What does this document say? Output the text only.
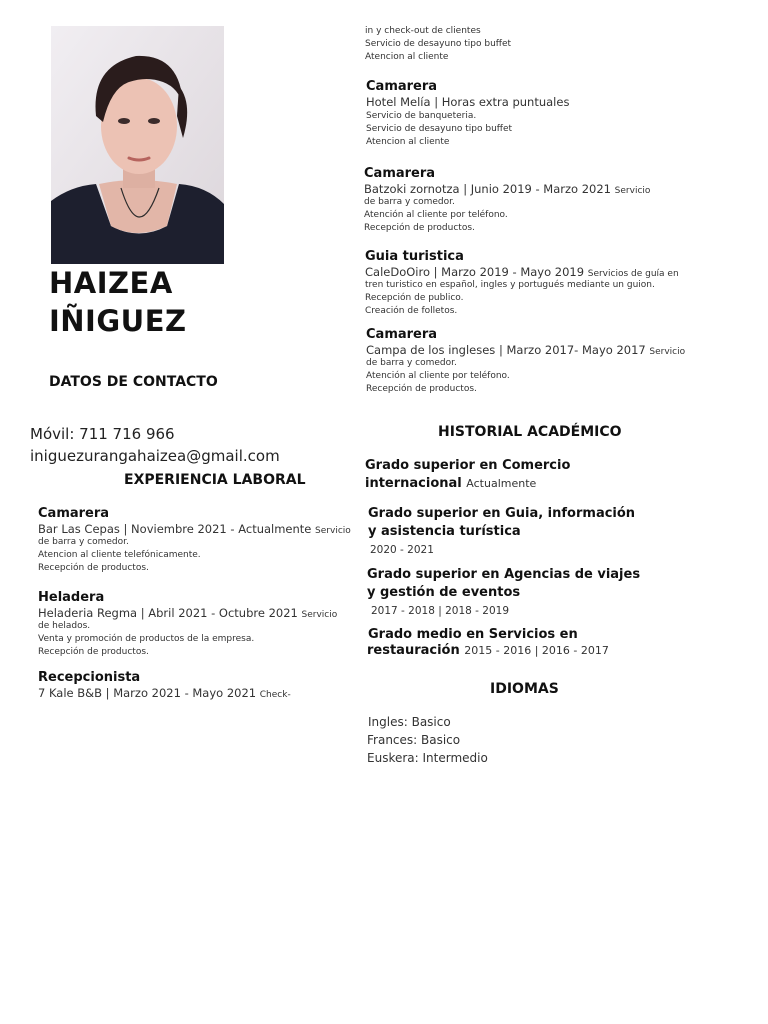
HAIZEA
IÑIGUEZ
DATOS DE CONTACTO
Móvil: 711 716 966
iniguezurangahaizea@gmail.com
EXPERIENCIA LABORAL
Camarera
Bar Las Cepas | Noviembre 2021 - Actualmente Servicio
de barra y comedor.
Atencion al cliente telefónicamente.
Recepción de productos.
Heladera
Heladeria Regma | Abril 2021 - Octubre 2021 Servicio
de helados.
Venta y promoción de productos de la empresa.
Recepción de productos.
Recepcionista
7 Kale B&B | Marzo 2021 - Mayo 2021 Check-
in y check-out de clientes
Servicio de desayuno tipo buffet
Atencion al cliente
Camarera
Hotel Melía | Horas extra puntuales
Servicio de banqueteria.
Servicio de desayuno tipo buffet
Atencion al cliente
Camarera
Batzoki zornotza | Junio 2019 - Marzo 2021 Servicio
de barra y comedor.
Atención al cliente por teléfono.
Recepción de productos.
Guia turistica
CaleDoOiro | Marzo 2019 - Mayo 2019 Servicios de guía en
tren turistico en español, ingles y portugués mediante un guion.
Recepción de publico.
Creación de folletos.
Camarera
Campa de los ingleses | Marzo 2017- Mayo 2017 Servicio
de barra y comedor.
Atención al cliente por teléfono.
Recepción de productos.
HISTORIAL ACADÉMICO
Grado superior en Comercio
internacional Actualmente
Grado superior en Guia, información
y asistencia turística
2020 - 2021
Grado superior en Agencias de viajes
y gestión de eventos
2017 - 2018 | 2018 - 2019
Grado medio en Servicios en
restauración 2015 - 2016 | 2016 - 2017
IDIOMAS
Ingles: Basico
Frances: Basico
Euskera: Intermedio
